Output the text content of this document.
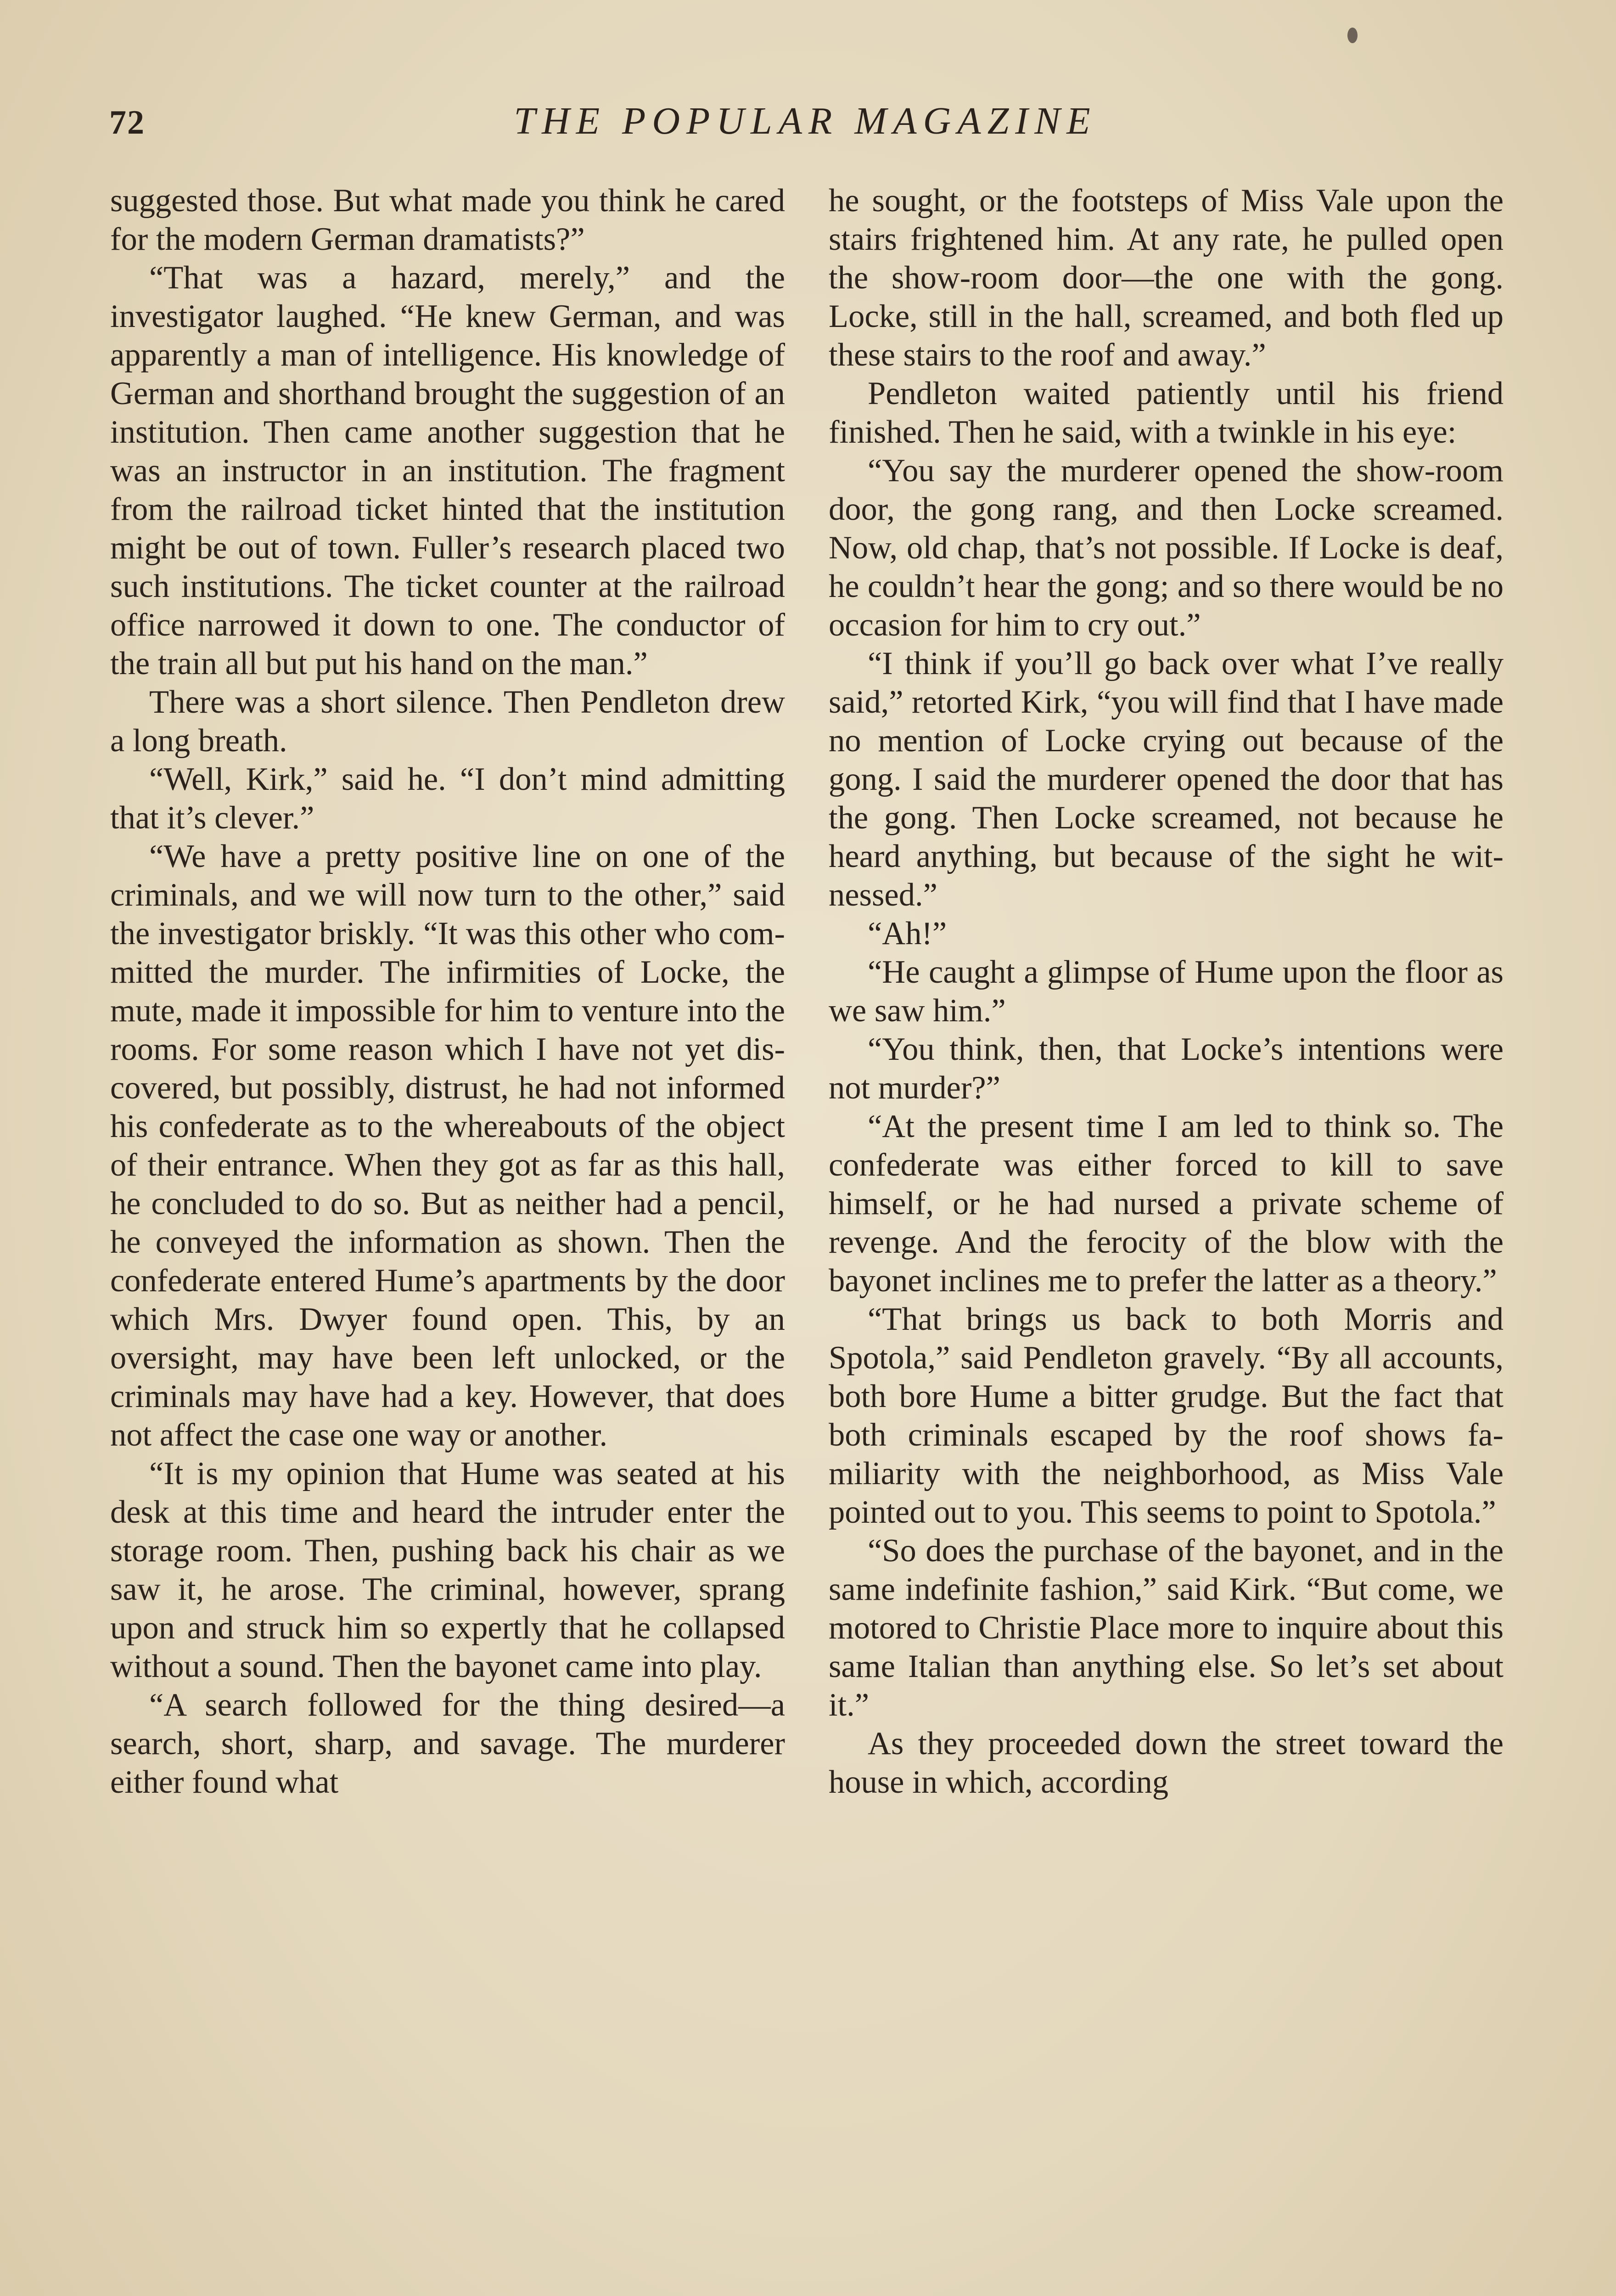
72	THE POPULAR MAGAZINE

suggested those. But what made you think he cared for the modern German dramatists?”

“That was a hazard, merely,” and the investigator laughed. “He knew German, and was apparently a man of intelligence. His knowledge of German and shorthand brought the suggestion of an institution. Then came another suggestion that he was an instructor in an institution. The fragment from the railroad ticket hinted that the institution might be out of town. Fuller’s research placed two such institutions. The ticket counter at the railroad office narrowed it down to one. The conductor of the train all but put his hand on the man.”

There was a short silence. Then Pendleton drew a long breath.

“Well, Kirk,” said he. “I don’t mind admitting that it’s clever.”

“We have a pretty positive line on one of the criminals, and we will now turn to the other,” said the investigator briskly. “It was this other who committed the murder. The infirmities of Locke, the mute, made it impossible for him to venture into the rooms. For some reason which I have not yet discovered, but possibly, distrust, he had not informed his confederate as to the whereabouts of the object of their entrance. When they got as far as this hall, he concluded to do so. But as neither had a pencil, he conveyed the information as shown. Then the confederate entered Hume’s apartments by the door which Mrs. Dwyer found open. This, by an oversight, may have been left unlocked, or the criminals may have had a key. However, that does not affect the case one way or another.

“It is my opinion that Hume was seated at his desk at this time and heard the intruder enter the storage room. Then, pushing back his chair as we saw it, he arose. The criminal, however, sprang upon and struck him so expertly that he collapsed without a sound. Then the bayonet came into play.

“A search followed for the thing desired—a search, short, sharp, and savage. The murderer either found what

he sought, or the footsteps of Miss Vale upon the stairs frightened him. At any rate, he pulled open the show-room door—the one with the gong. Locke, still in the hall, screamed, and both fled up these stairs to the roof and away.”

Pendleton waited patiently until his friend finished. Then he said, with a twinkle in his eye:

“You say the murderer opened the show-room door, the gong rang, and then Locke screamed. Now, old chap, that’s not possible. If Locke is deaf, he couldn’t hear the gong; and so there would be no occasion for him to cry out.”

“I think if you’ll go back over what I’ve really said,” retorted Kirk, “you will find that I have made no mention of Locke crying out because of the gong. I said the murderer opened the door that has the gong. Then Locke screamed, not because he heard anything, but because of the sight he witnessed.”

“Ah!”

“He caught a glimpse of Hume upon the floor as we saw him.”

“You think, then, that Locke’s intentions were not murder?”

“At the present time I am led to think so. The confederate was either forced to kill to save himself, or he had nursed a private scheme of revenge. And the ferocity of the blow with the bayonet inclines me to prefer the latter as a theory.”

“That brings us back to both Morris and Spotola,” said Pendleton gravely. “By all accounts, both bore Hume a bitter grudge. But the fact that both criminals escaped by the roof shows familiarity with the neighborhood, as Miss Vale pointed out to you. This seems to point to Spotola.”

“So does the purchase of the bayonet, and in the same indefinite fashion,” said Kirk. “But come, we motored to Christie Place more to inquire about this same Italian than anything else. So let’s set about it.”

As they proceeded down the street toward the house in which, according
